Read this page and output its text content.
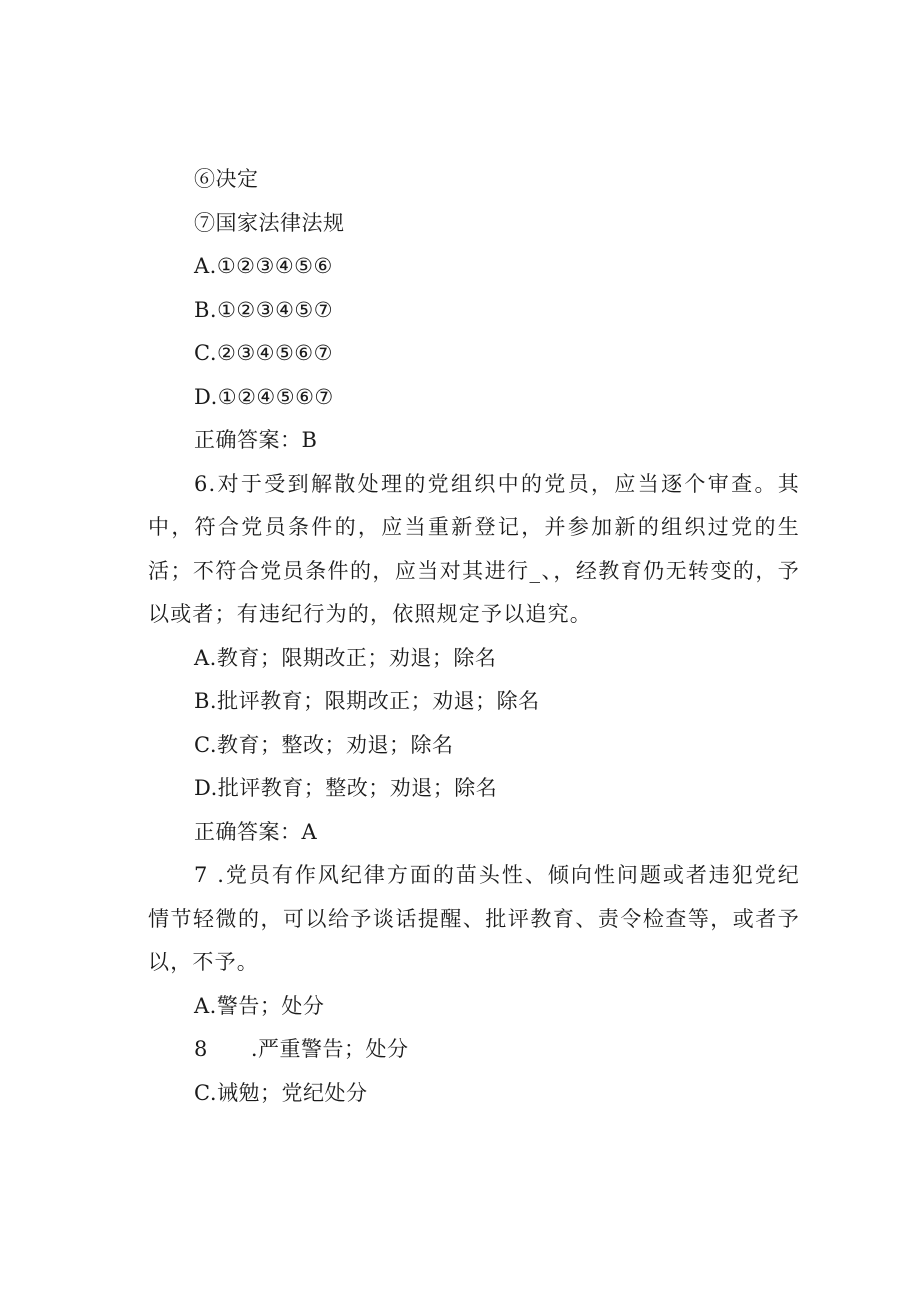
⑥决定
⑦国家法律法规
A.①②③④⑤⑥
B.①②③④⑤⑦
C.②③④⑤⑥⑦
D.①②④⑤⑥⑦
正确答案：B
6.对于受到解散处理的党组织中的党员，应当逐个审查。其中，符合党员条件的，应当重新登记，并参加新的组织过党的生活；不符合党员条件的，应当对其进行_、，经教育仍无转变的，予以或者；有违纪行为的，依照规定予以追究。
A.教育；限期改正；劝退；除名
B.批评教育；限期改正；劝退；除名
C.教育；整改；劝退；除名
D.批评教育；整改；劝退；除名
正确答案：A
7 .党员有作风纪律方面的苗头性、倾向性问题或者违犯党纪情节轻微的，可以给予谈话提醒、批评教育、责令检查等，或者予以，不予。
A.警告；处分
8　　.严重警告；处分
C.诫勉；党纪处分
